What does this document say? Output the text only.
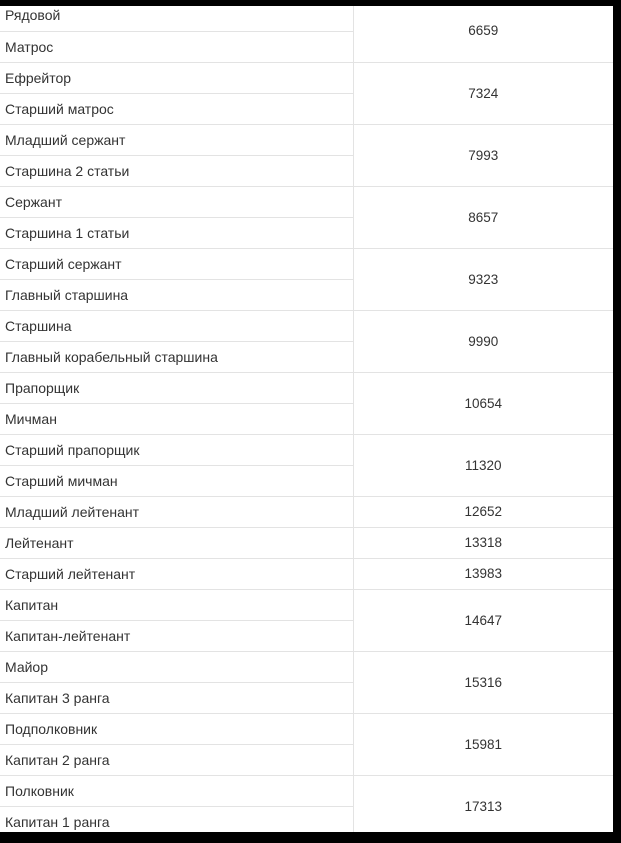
Рядовой	6659
Матрос	
Ефрейтор	7324
Старший матрос	
Младший сержант	7993
Старшина 2 статьи	
Сержант	8657
Старшина 1 статьи	
Старший сержант	9323
Главный старшина	
Старшина	9990
Главный корабельный старшина	
Прапорщик	10654
Мичман	
Старший прапорщик	11320
Старший мичман	
Младший лейтенант	12652
Лейтенант	13318
Старший лейтенант	13983
Капитан	14647
Капитан-лейтенант	
Майор	15316
Капитан 3 ранга	
Подполковник	15981
Капитан 2 ранга	
Полковник	17313
Капитан 1 ранга	
